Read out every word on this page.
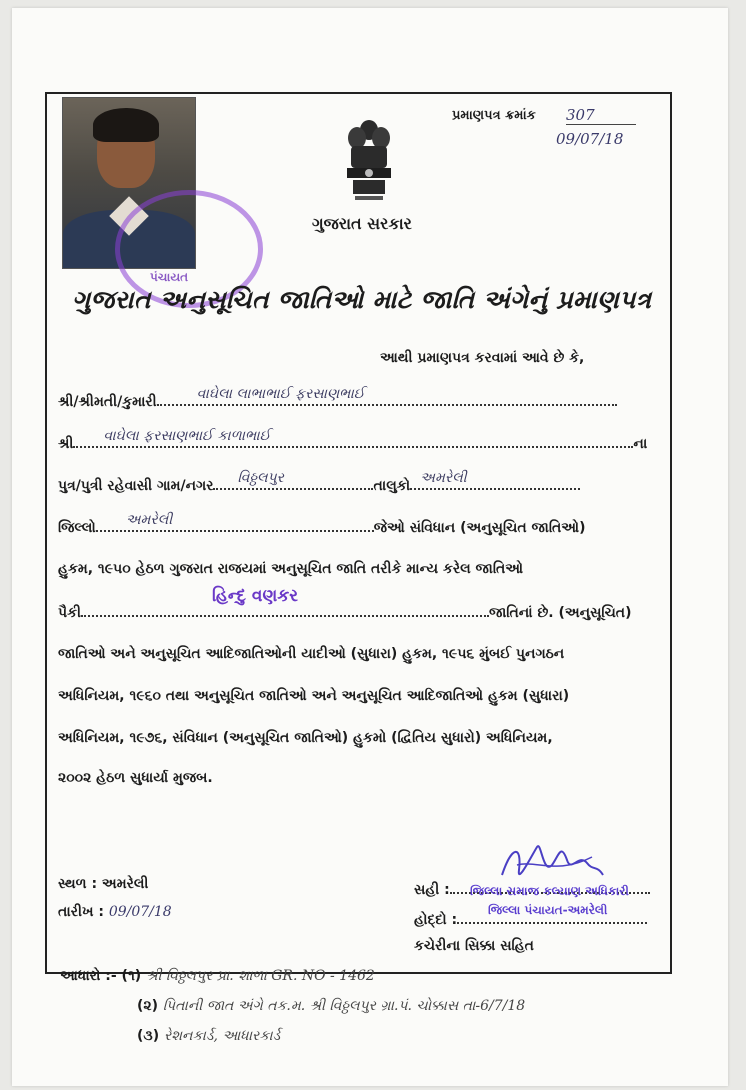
પંચાયત
ગુજરાત સરકાર
પ્રમાણપત્ર ક્રમાંક 307
09/07/18
ગુજરાત અનુસૂચિત જાતિઓ માટે જાતિ અંગેનું પ્રમાણપત્ર
આથી પ્રમાણપત્ર કરવામાં આવે છે કે,
શ્રી/શ્રીમતી/કુમારી	વાઘેલા લાભાભાઈ ફરસાણભાઈ
શ્રી વાઘેલા ફરસાણભાઈ કાળાભાઈ	ના
પુત્ર/પુત્રી રહેવાસી ગામ/નગર વિઠ્ઠલપુર	તાલુકો અમરેલી
જિલ્લો અમરેલી	જેઓ સંવિધાન (અનુસૂચિત જાતિઓ)
હુકમ, ૧૯૫૦ હેઠળ ગુજરાત રાજયમાં અનુસૂચિત જાતિ તરીકે માન્ય કરેલ જાતિઓ
પૈકી	જાતિનાં છે. (અનુસૂચિત)
હિન્દુ વણકર
જાતિઓ અને અનુસૂચિત આદિજાતિઓની યાદીઓ (સુધારા) હુકમ, ૧૯૫૬ મુંબઈ પુનગઠન
અધિનિયમ, ૧૯૬૦ તથા અનુસૂચિત જાતિઓ અને અનુસૂચિત આદિજાતિઓ હુકમ (સુધારા)
અધિનિયમ, ૧૯૭૬, સંવિધાન (અનુસૂચિત જાતિઓ) હુકમો (દ્વિતિય સુધારો) અધિનિયમ,
૨૦૦૨ હેઠળ સુધાર્યા મુજબ.
સ્થળ : અમરેલી
તારીખ : 09/07/18
સહી :	જિલ્લા સમાજ કલ્યાણ અધિકારી
હોદ્દો :
જિલ્લા પંચાયત-અમરેલી
કચેરીના સિક્કા સહિત
આધારો :- (૧) શ્રી વિઠ્ઠલપુર પ્રા. શાળા GR. NO - 1462
(૨) પિતાની જાત અંગે તક.મ. શ્રી વિઠ્ઠલપુર ગ્રા.પં. ચોક્કાસ તા-6/7/18
(૩) રેશનકાર્ડ, આધારકાર્ડ
